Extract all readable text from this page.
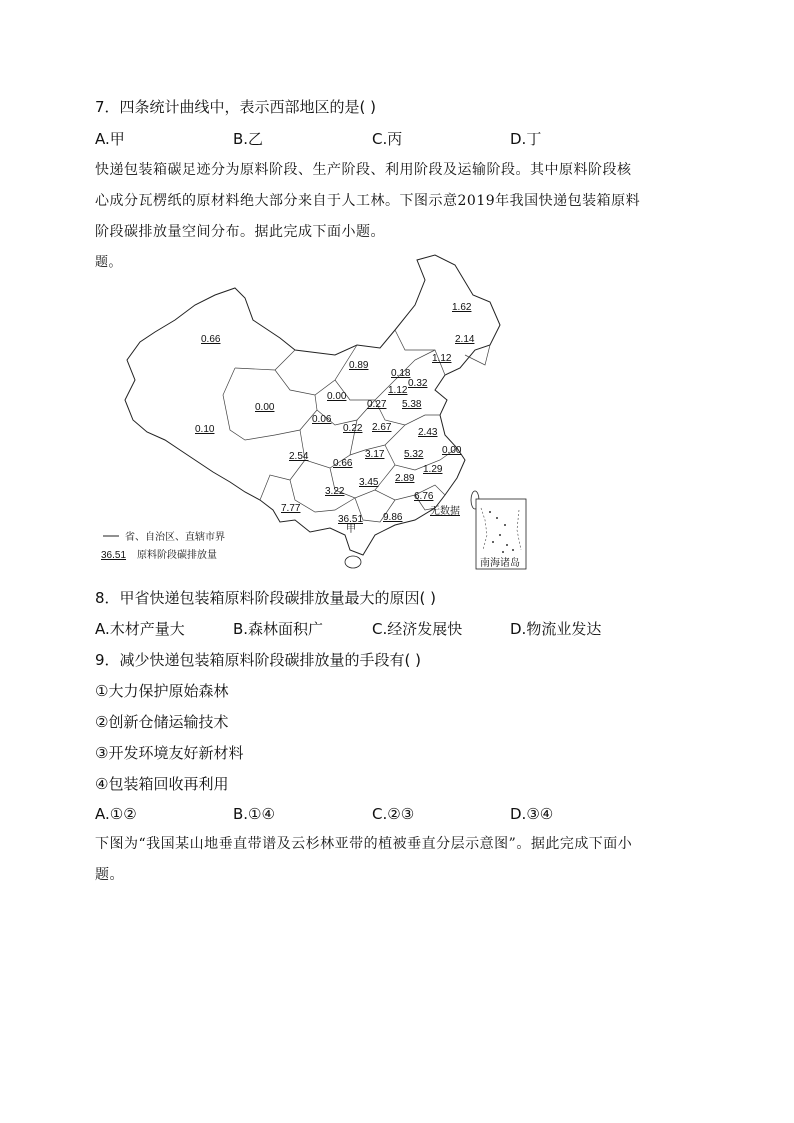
7．四条统计曲线中，表示西部地区的是( )
A.甲	B.乙	C.丙	D.丁
快递包装箱碳足迹分为原料阶段、生产阶段、利用阶段及运输阶段。其中原料阶段核
心成分瓦楞纸的原材料绝大部分来自于人工林。下图示意2019年我国快递包装箱原料
阶段碳排放量空间分布。据此完成下面小题。
题。
1.62
2.14
1.12
0.66
0.89
0.18
0.32
1.12
0.00
0.27 5.38
0.00
0.06
0.10	0.22 2.67	2.43
0.00
2.54
0.66
3.17 5.32
1.29
3.45 2.89
3.22	6.76
7.77
36.51 9.86
无数据
甲
南海诸岛
省、自治区、直辖市界
36.51 原料阶段碳排放量
8．甲省快递包装箱原料阶段碳排放量最大的原因( )
A.木材产量大	B.森林面积广	C.经济发展快	D.物流业发达
9．减少快递包装箱原料阶段碳排放量的手段有( )
①大力保护原始森林
②创新仓储运输技术
③开发环境友好新材料
④包装箱回收再利用
A.①②	B.①④	C.②③	D.③④
下图为“我国某山地垂直带谱及云杉林亚带的植被垂直分层示意图”。据此完成下面小
题。
